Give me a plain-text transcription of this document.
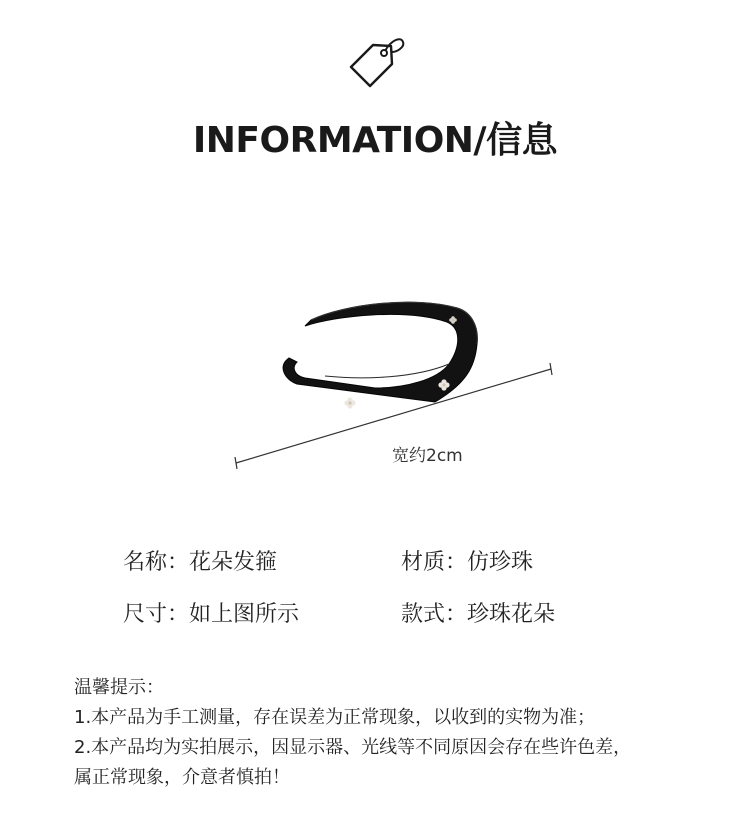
INFORMATION/信息
宽约2cm
名称：花朵发箍	材质：仿珍珠
尺寸：如上图所示	款式：珍珠花朵
温馨提示：
1.本产品为手工测量，存在误差为正常现象，以收到的实物为准；
2.本产品均为实拍展示，因显示器、光线等不同原因会存在些许色差，
属正常现象，介意者慎拍！
